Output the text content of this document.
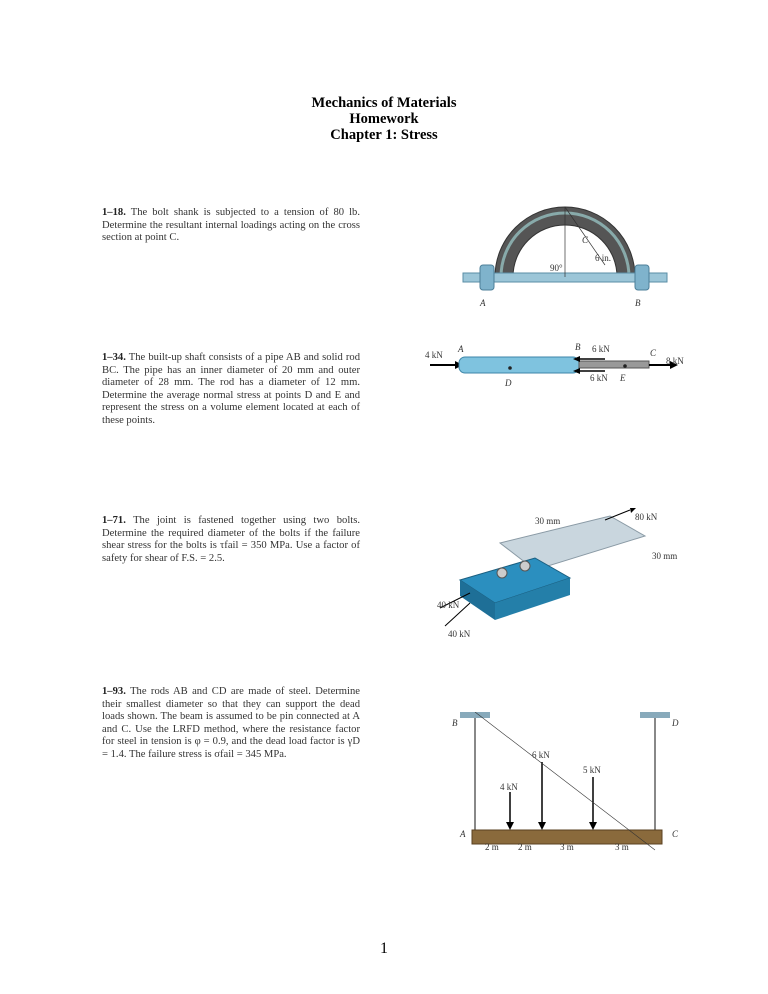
Mechanics of Materials
Homework
Chapter 1: Stress
1–18. The bolt shank is subjected to a tension of 80 lb. Determine the resultant internal loadings acting on the cross section at point C.	C
6 in.
90°
A	B
1–34. The built-up shaft consists of a pipe AB and solid rod BC. The pipe has an inner diameter of 20 mm and outer diameter of 28 mm. The rod has a diameter of 12 mm. Determine the average normal stress at points D and E and represent the stress on a volume element located at each of these points.
4 kN
A	B 6 kN
6 kN E
C
8 kN
D
1–71. The joint is fastened together using two bolts. Determine the required diameter of the bolts if the failure shear stress for the bolts is τfail = 350 MPa. Use a factor of safety for shear of F.S. = 2.5.
30 mm	80 kN
30 mm
40 kN
40 kN
1–93. The rods AB and CD are made of steel. Determine their smallest diameter so that they can support the dead loads shown. The beam is assumed to be pin connected at A and C. Use the LRFD method, where the resistance factor for steel in tension is φ = 0.9, and the dead load factor is γD = 1.4. The failure stress is σfail = 345 MPa.
B	D
4 kN
6 kN
5 kN
A	C
2 m 2 m	3 m	3 m
1
